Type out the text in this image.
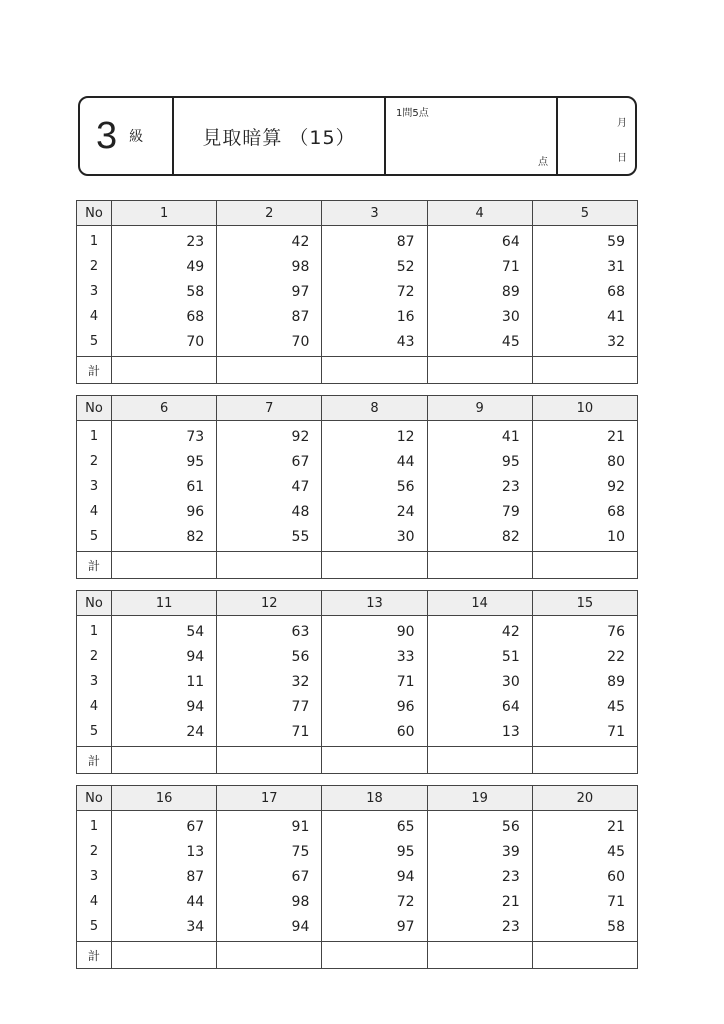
3 級	見取暗算 （15）
1問5点
点
月
日
No	1	2	3	4	5
1	23	42	87	64	59
2	49	98	52	71	31
3	58	97	72	89	68
4	68	87	16	30	41
5	70	70	43	45	32
計					
No	6	7	8	9	10
1	73	92	12	41	21
2	95	67	44	95	80
3	61	47	56	23	92
4	96	48	24	79	68
5	82	55	30	82	10
計					
No	11	12	13	14	15
1	54	63	90	42	76
2	94	56	33	51	22
3	11	32	71	30	89
4	94	77	96	64	45
5	24	71	60	13	71
計					
No	16	17	18	19	20
1	67	91	65	56	21
2	13	75	95	39	45
3	87	67	94	23	60
4	44	98	72	21	71
5	34	94	97	23	58
計					
